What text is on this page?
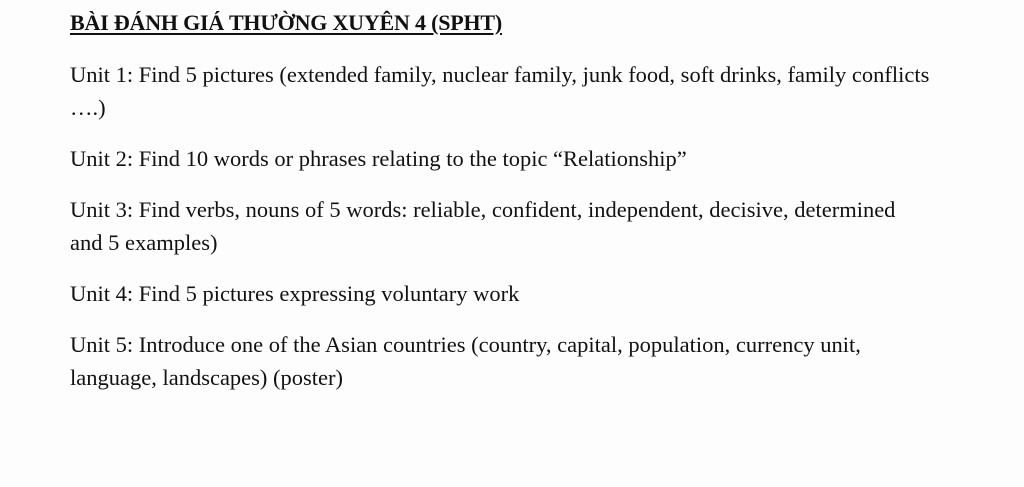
BÀI ĐÁNH GIÁ THƯỜNG XUYÊN 4 (SPHT)

Unit 1: Find 5 pictures (extended family, nuclear family, junk food, soft drinks, family conflicts ….)

Unit 2: Find 10 words or phrases relating to the topic “Relationship”

Unit 3: Find verbs, nouns of 5 words: reliable, confident, independent, decisive, determined and 5 examples)

Unit 4: Find 5 pictures expressing voluntary work

Unit 5: Introduce one of the Asian countries (country, capital, population, currency unit, language, landscapes) (poster)
